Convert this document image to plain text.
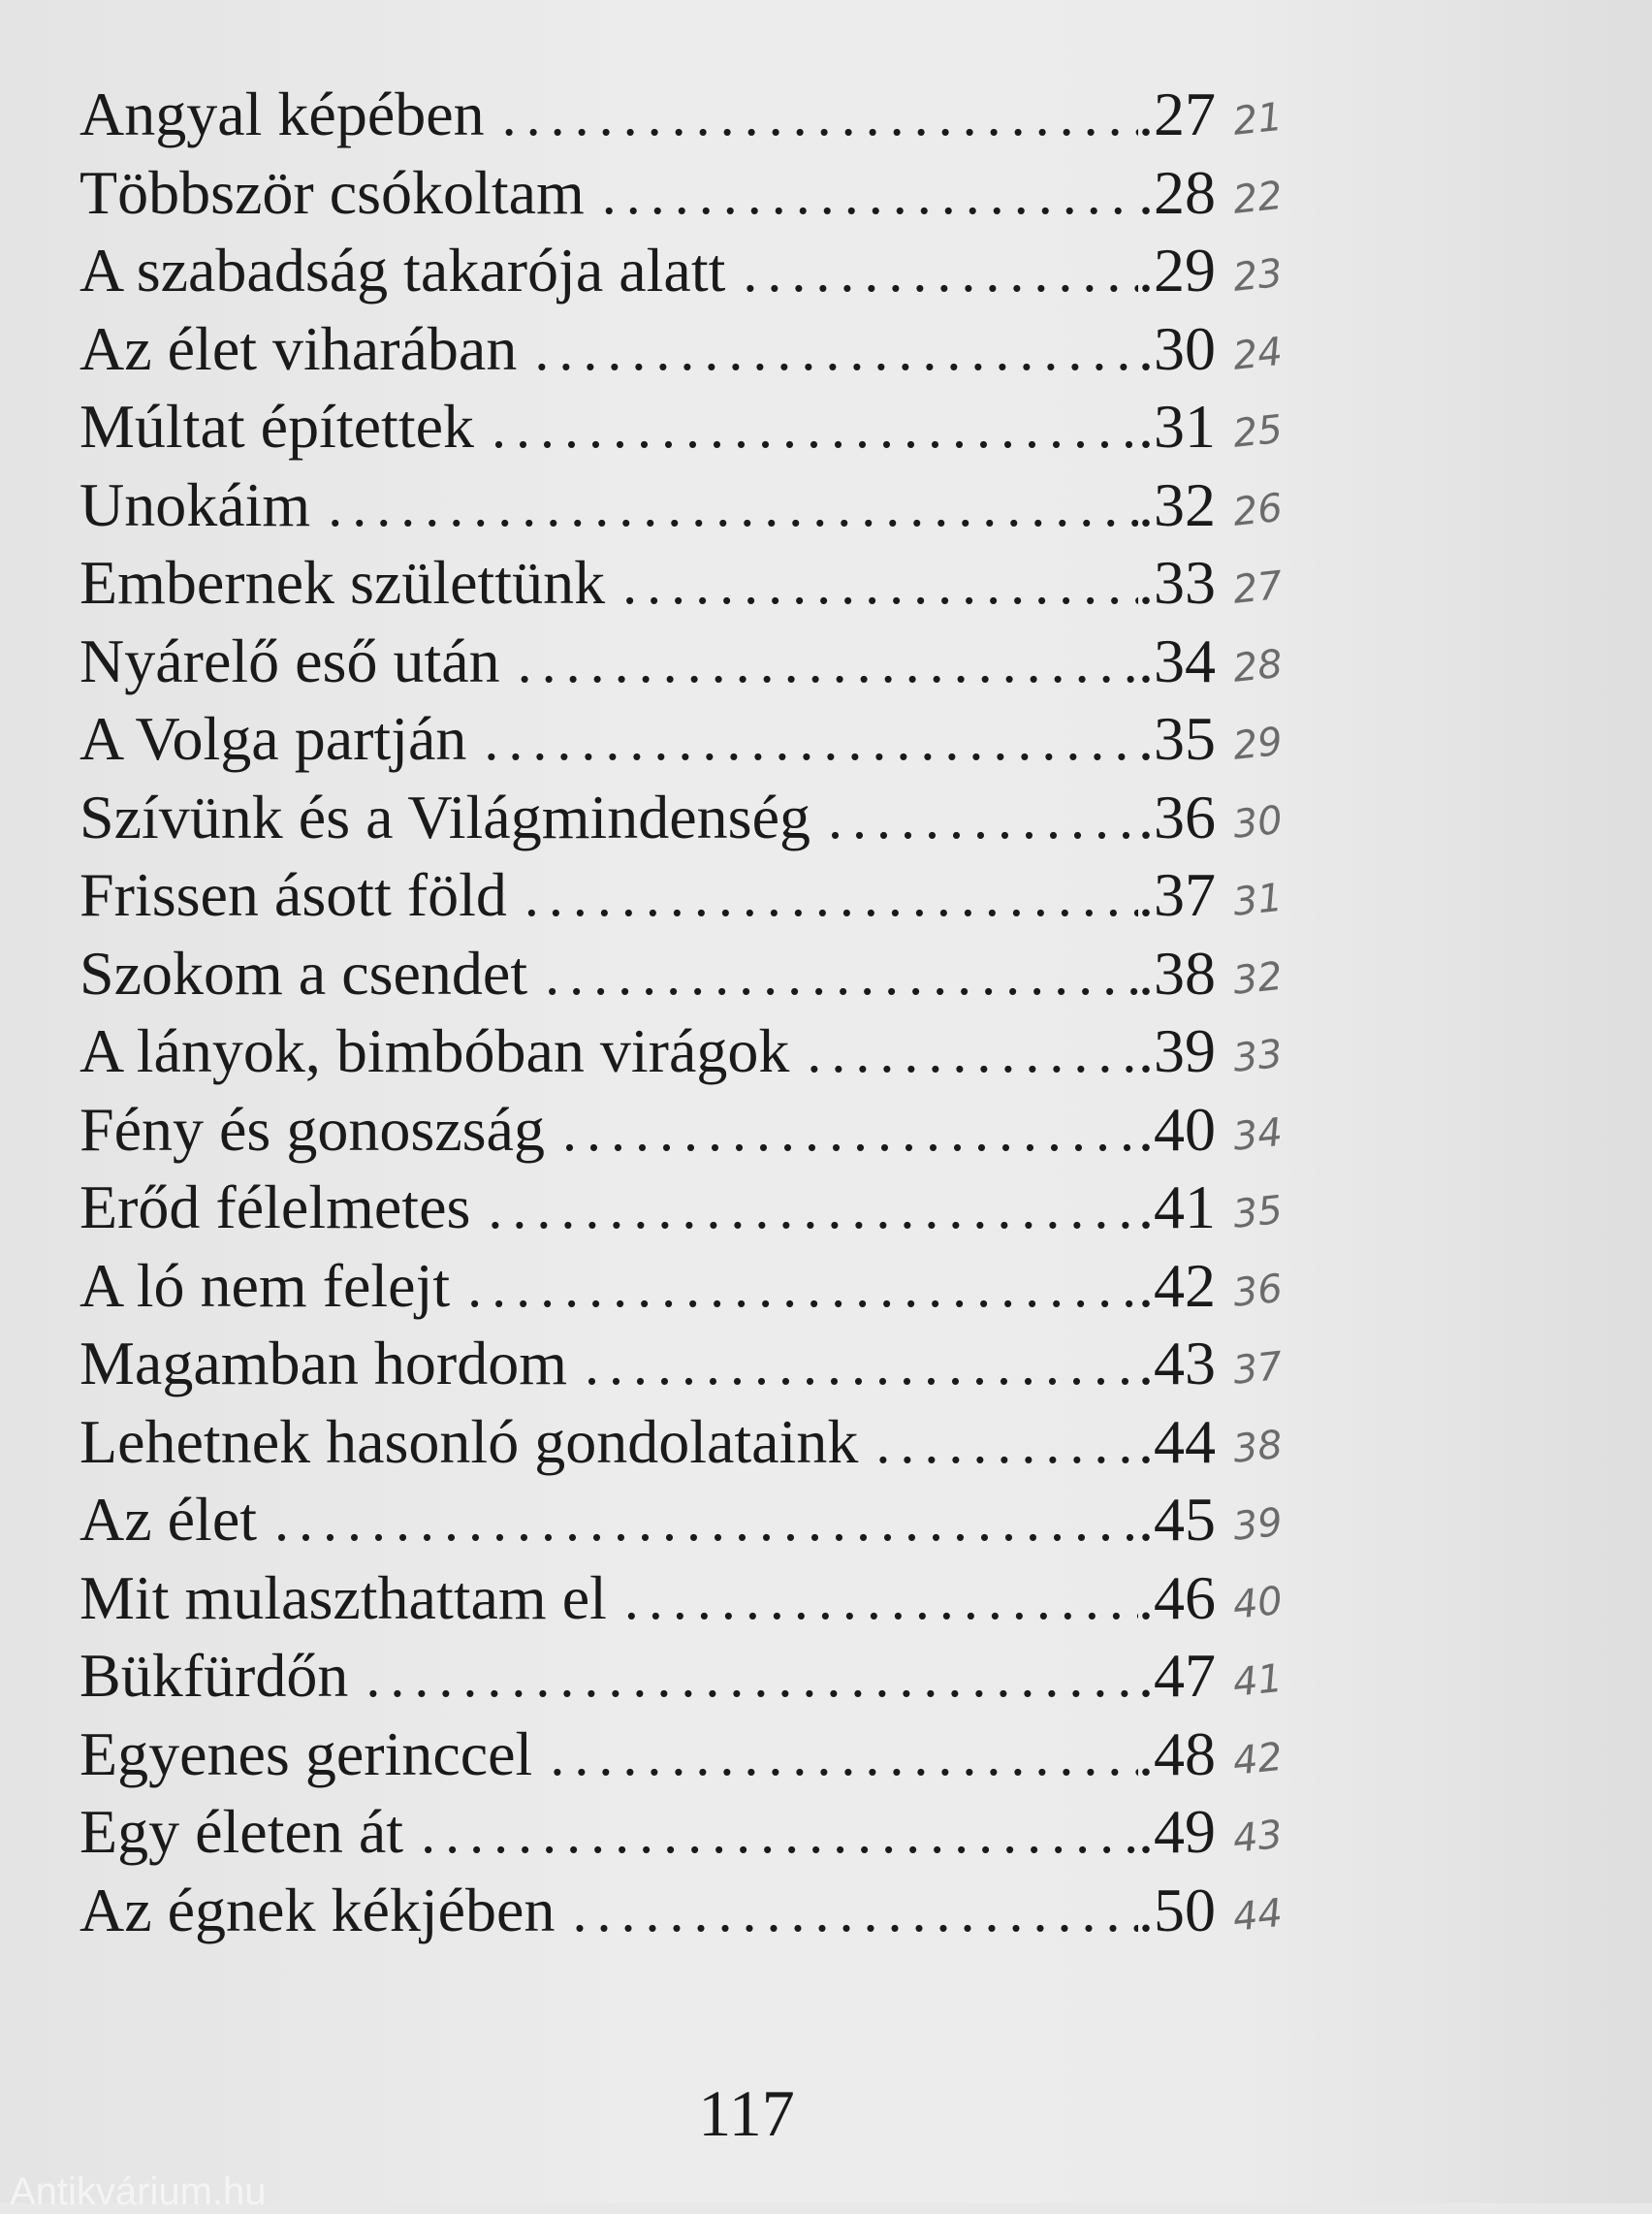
Angyal képében .....	.27 21
Többször csókoltam .....	.28 22
A szabadság takarója alatt .....	.29 23
Az élet viharában .....	.30 24
Múltat építettek .....	.31 25
Unokáim .....	.32 26
Embernek születtünk .....	.33 27
Nyárelő eső után .....	.34 28
A Volga partján .....	.35 29
Szívünk és a Világmindenség .....	.36 30
Frissen ásott föld .....	.37 31
Szokom a csendet .....	.38 32
A lányok, bimbóban virágok .....	.39 33
Fény és gonoszság .....	.40 34
Erőd félelmetes .....	.41 35
A ló nem felejt .....	.42 36
Magamban hordom .....	.43 37
Lehetnek hasonló gondolataink .....	.44 38
Az élet .....	.45 39
Mit mulaszthattam el .....	.46 40
Bükfürdőn .....	.47 41
Egyenes gerinccel .....	.48 42
Egy életen át .....	.49 43
Az égnek kékjében .....	.50 44
117
Antikvárium.hu
